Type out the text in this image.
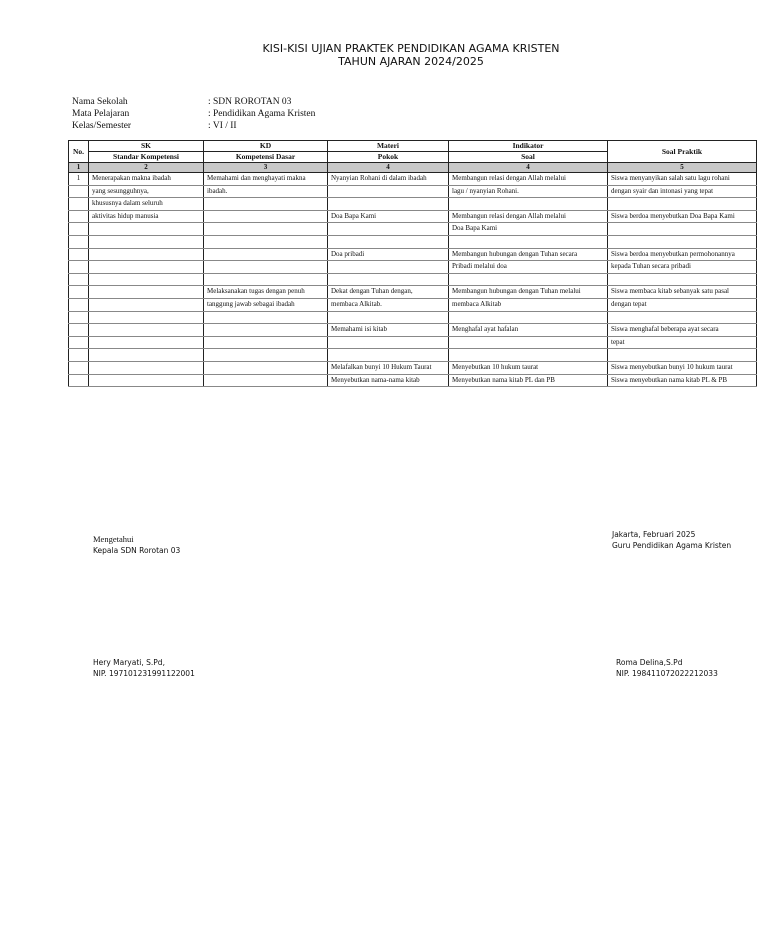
KISI-KISI UJIAN PRAKTEK PENDIDIKAN AGAMA KRISTEN
TAHUN AJARAN 2024/2025
Nama Sekolah	: SDN ROROTAN 03
Mata Pelajaran	: Pendidikan Agama Kristen
Kelas/Semester	: VI / II
No.	SK	KD	Materi	Indikator	Soal Praktik
	Standar Kompetensi	Kompetensi Dasar	Pokok	Soal	
1	2	3	4	4	5
1	Menerapakan makna ibadah	Memahami dan menghayati makna	Nyanyian Rohani di dalam ibadah	Membangun relasi dengan Allah melalui	Siswa menyanyikan salah satu lagu rohani
	yang sesungguhnya,	ibadah.		lagu / nyanyian Rohani.	dengan syair dan intonasi yang tepat
	khususnya dalam seluruh				
	aktivitas hidup manusia		Doa Bapa Kami	Membangun relasi dengan Allah melalui	Siswa berdoa menyebutkan Doa Bapa Kami
				Doa Bapa Kami	

			Doa pribadi	Membangun hubungan dengan Tuhan secara	Siswa berdoa menyebutkan permohonannya
				Pribadi melalui doa	kepada Tuhan secara pribadi

		Melaksanakan tugas dengan penuh	Dekat dengan Tuhan dengan,	Membangun hubungan dengan Tuhan melalui	Siswa membaca kitab sebanyak satu pasal
		tanggung jawab sebagai ibadah	membaca Alkitab.	membaca Alkitab	dengan tepat

			Memahami isi kitab	Menghafal ayat hafalan	Siswa menghafal beberapa ayat secara
					tepat

			Melafalkan bunyi 10 Hukum Taurat	Menyebutkan 10 hukum taurat	Siswa menyebutkan bunyi 10 hukum taurat
			Menyebutkan nama-nama kitab	Menyebutkan nama kitab PL dan PB	Siswa menyebutkan nama kitab PL & PB
Mengetahui
Kepala SDN Rorotan 03
Jakarta, Februari 2025
Guru Pendidikan Agama Kristen
Hery Maryati, S.Pd,
NIP. 197101231991122001
Roma Delina,S.Pd
NIP. 198411072022212033
